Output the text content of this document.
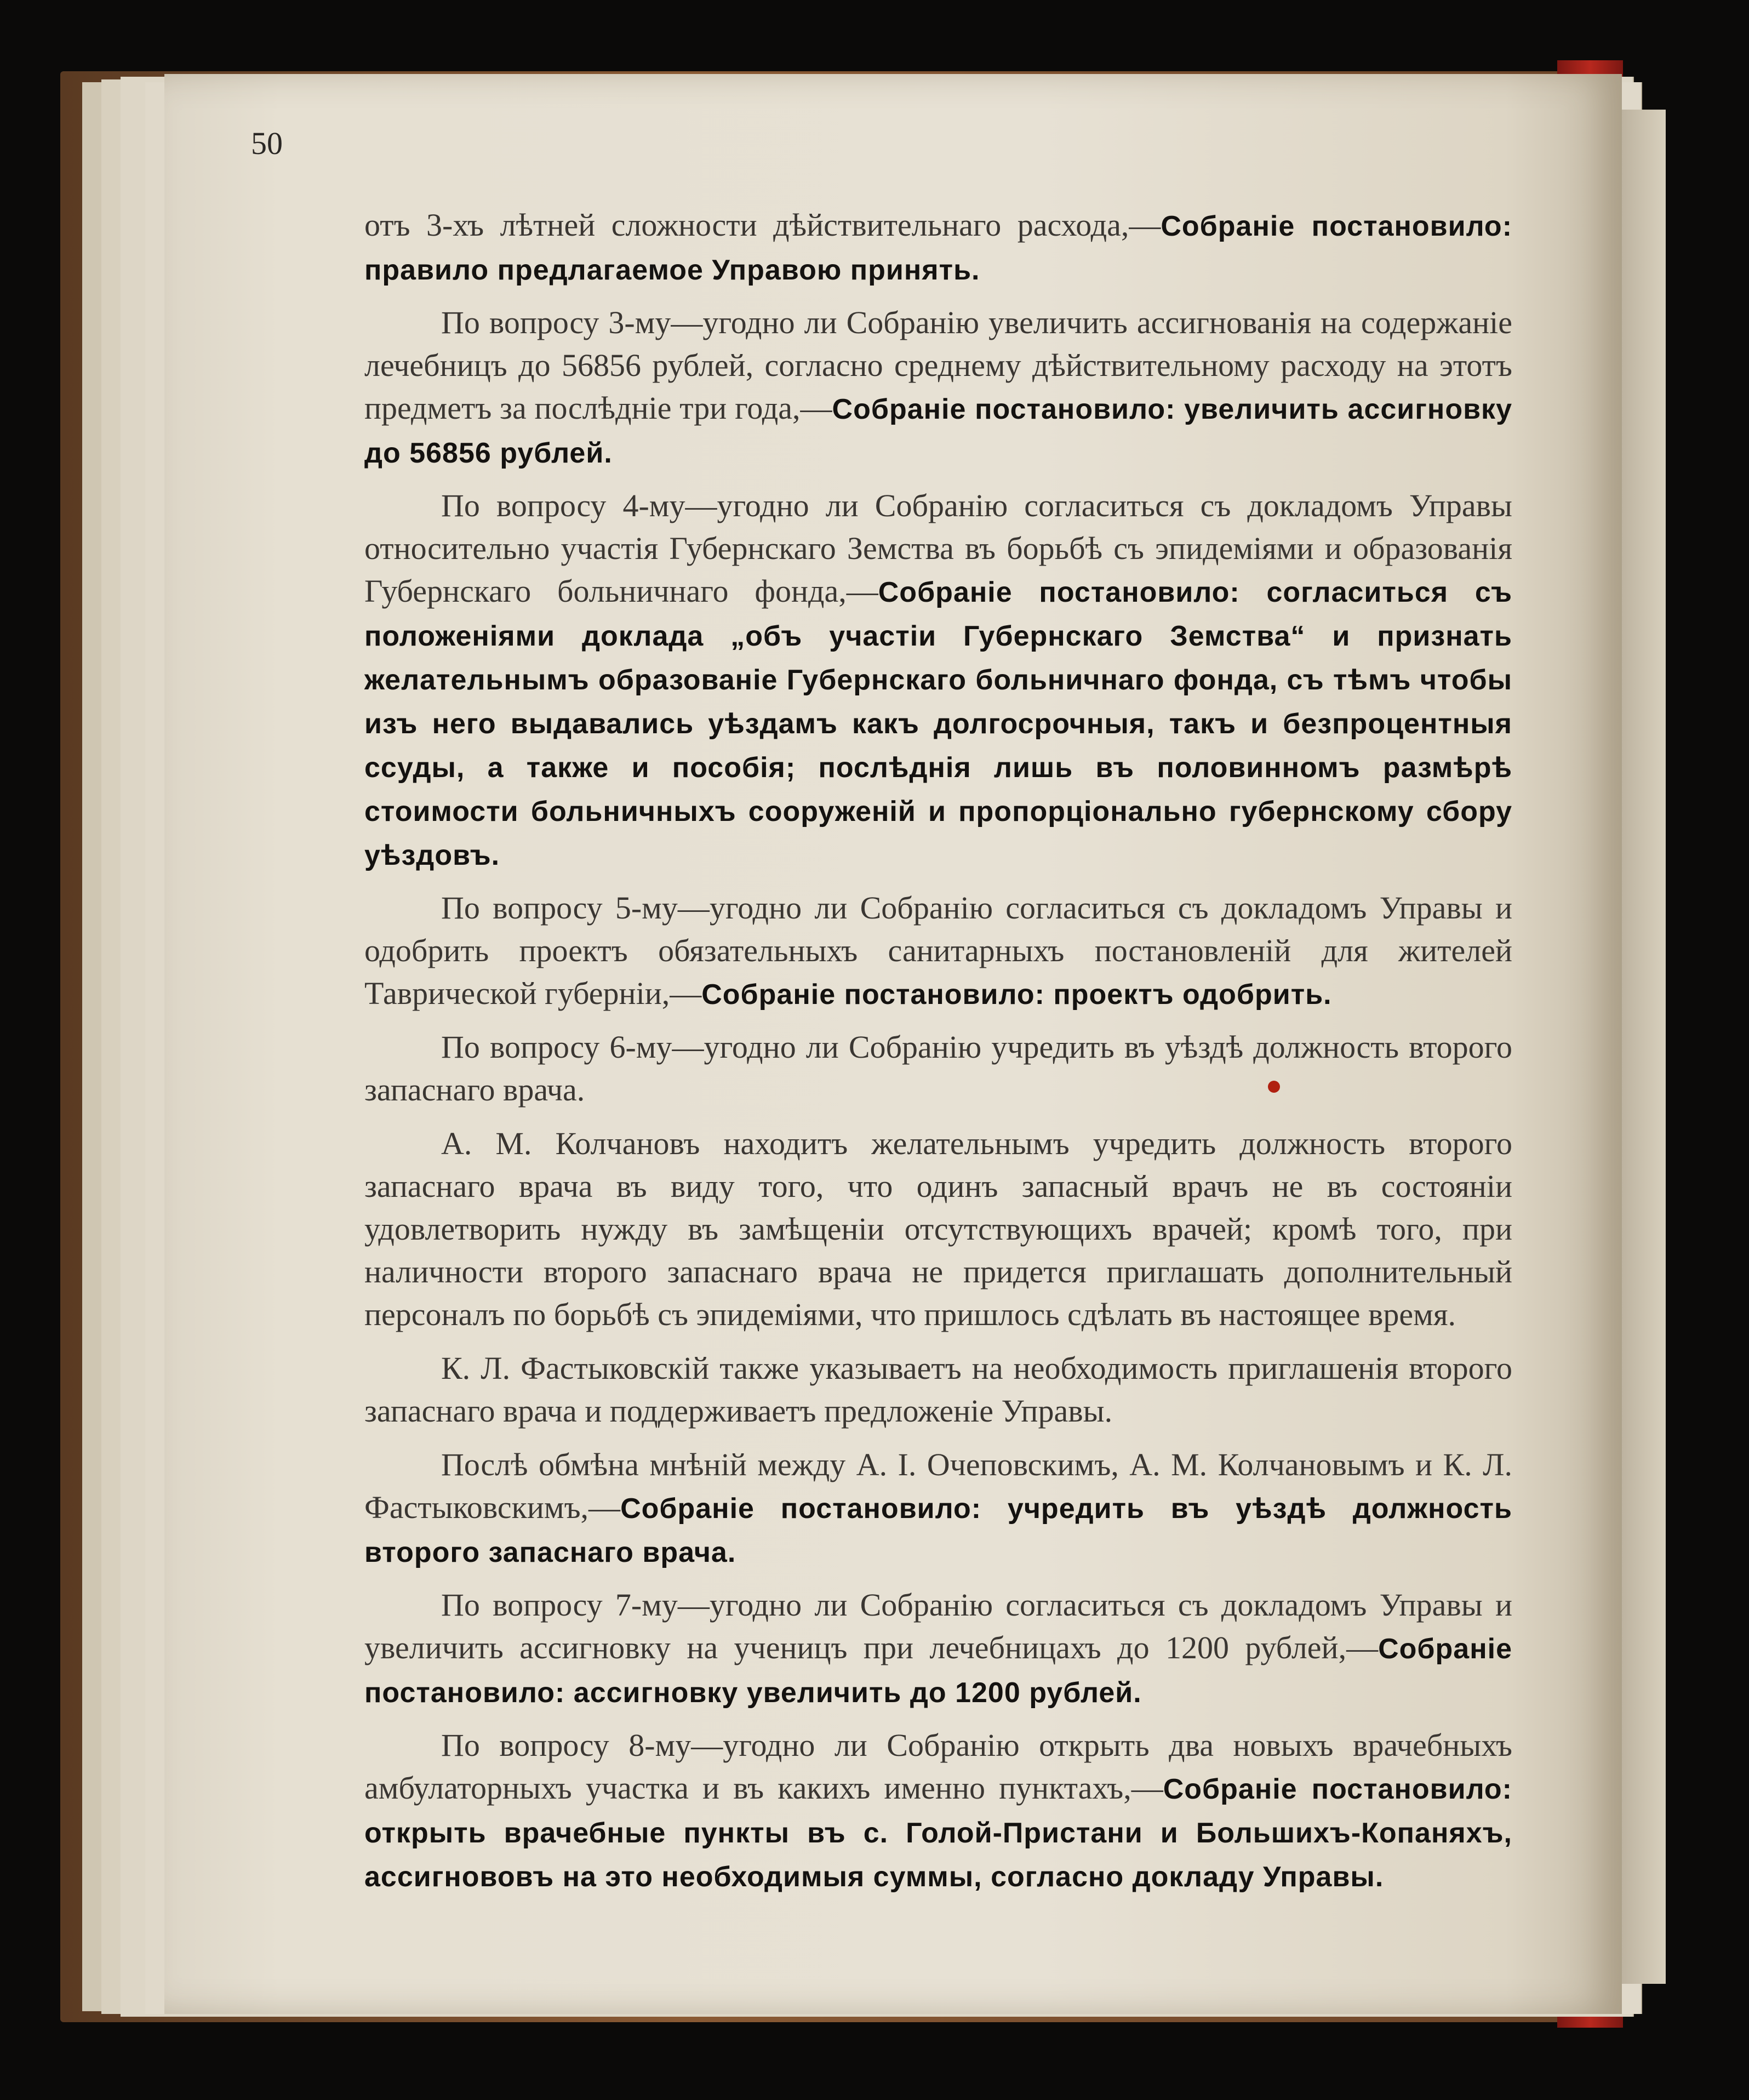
50

отъ 3-хъ лѣтней сложности дѣйствительнаго расхода,—Собраніе постановило: правило предлагаемое Управою принять.

По вопросу 3-му—угодно ли Собранію увеличить ассигнованія на содержаніе лечебницъ до 56856 рублей, согласно среднему дѣйствительному расходу на этотъ предметъ за послѣдніе три года,—Собраніе постановило: увеличить ассигновку до 56856 рублей.

По вопросу 4-му—угодно ли Собранію согласиться съ докладомъ Управы относительно участія Губернскаго Земства въ борьбѣ съ эпидеміями и образованія Губернскаго больничнаго фонда,—Собраніе постановило: согласиться съ положеніями доклада „объ участіи Губернскаго Земства“ и признать желательнымъ образованіе Губернскаго больничнаго фонда, съ тѣмъ чтобы изъ него выдавались уѣздамъ какъ долгосрочныя, такъ и безпроцентныя ссуды, а также и пособія; послѣднія лишь въ половинномъ размѣрѣ стоимости больничныхъ сооруженій и пропорціонально губернскому сбору уѣздовъ.

По вопросу 5-му—угодно ли Собранію согласиться съ докладомъ Управы и одобрить проектъ обязательныхъ санитарныхъ постановленій для жителей Таврической губерніи,—Собраніе постановило: проектъ одобрить.

По вопросу 6-му—угодно ли Собранію учредить въ уѣздѣ должность второго запаснаго врача.

А. М. Колчановъ находитъ желательнымъ учредить должность второго запаснаго врача въ виду того, что одинъ запасный врачъ не въ состояніи удовлетворить нужду въ замѣщеніи отсутствующихъ врачей; кромѣ того, при наличности второго запаснаго врача не придется приглашать дополнительный персоналъ по борьбѣ съ эпидеміями, что пришлось сдѣлать въ настоящее время.

К. Л. Фастыковскій также указываетъ на необходимость приглашенія второго запаснаго врача и поддерживаетъ предложеніе Управы.

Послѣ обмѣна мнѣній между А. І. Очеповскимъ, А. М. Колчановымъ и К. Л. Фастыковскимъ,—Собраніе постановило: учредить въ уѣздѣ должность второго запаснаго врача.

По вопросу 7-му—угодно ли Собранію согласиться съ докладомъ Управы и увеличить ассигновку на ученицъ при лечебницахъ до 1200 рублей,—Собраніе постановило: ассигновку увеличить до 1200 рублей.

По вопросу 8-му—угодно ли Собранію открыть два новыхъ врачебныхъ амбулаторныхъ участка и въ какихъ именно пунктахъ,—Собраніе постановило: открыть врачебные пункты въ с. Голой-Пристани и Большихъ-Копаняхъ, ассигнововъ на это необходимыя суммы, согласно докладу Управы.
